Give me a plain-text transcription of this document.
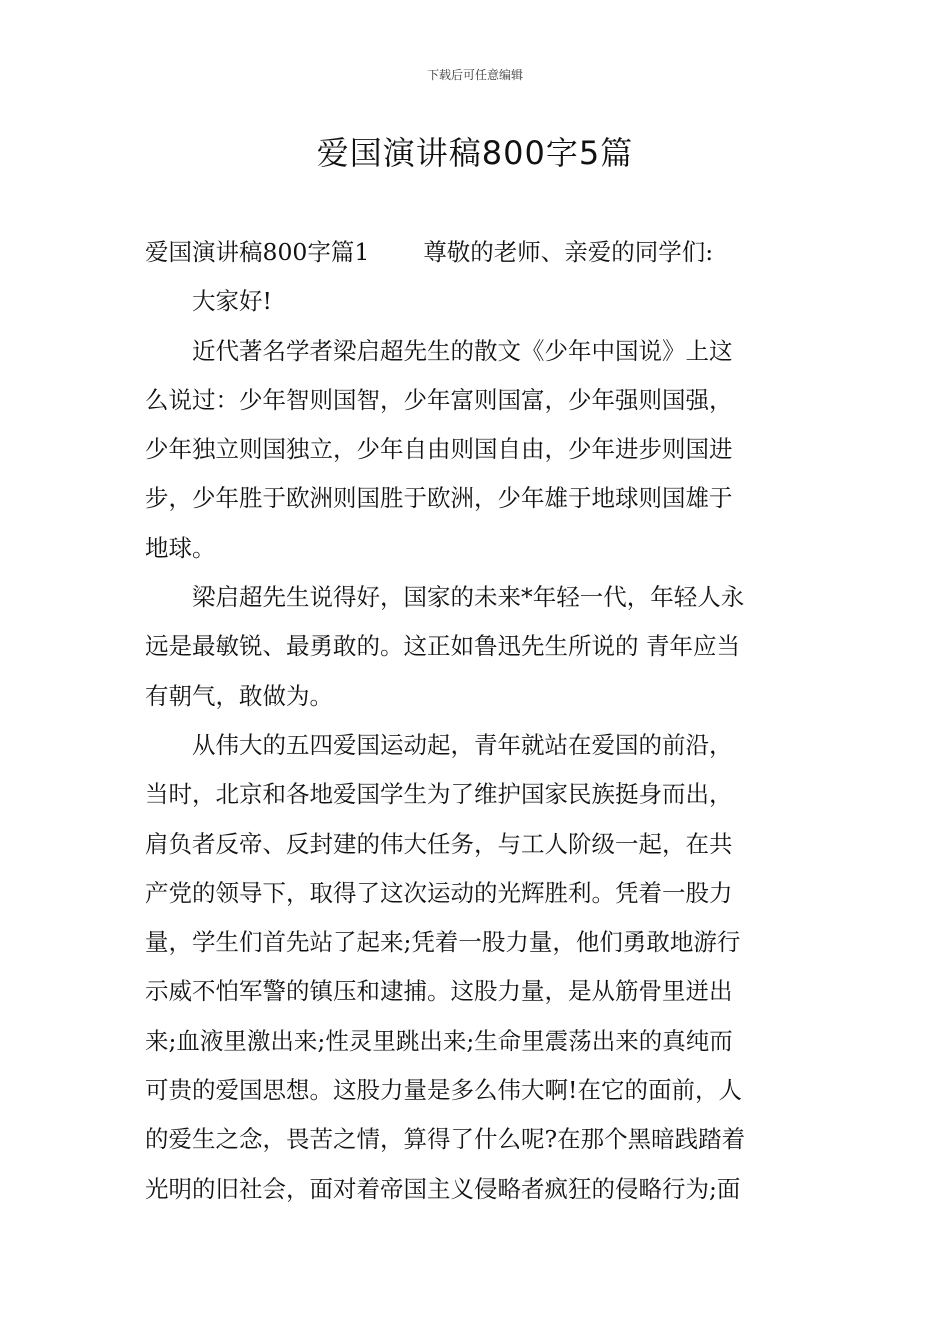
下载后可任意编辑
爱国演讲稿800字5篇
爱国演讲稿800字篇1 尊敬的老师、亲爱的同学们:
大家好!
近代著名学者梁启超先生的散文《少年中国说》上这
么说过：少年智则国智，少年富则国富，少年强则国强，
少年独立则国独立，少年自由则国自由，少年进步则国进
步，少年胜于欧洲则国胜于欧洲，少年雄于地球则国雄于
地球。
梁启超先生说得好，国家的未来*年轻一代，年轻人永
远是最敏锐、最勇敢的。这正如鲁迅先生所说的 青年应当
有朝气，敢做为。
从伟大的五四爱国运动起，青年就站在爱国的前沿，
当时，北京和各地爱国学生为了维护国家民族挺身而出，
肩负者反帝、反封建的伟大任务，与工人阶级一起，在共
产党的领导下，取得了这次运动的光辉胜利。凭着一股力
量，学生们首先站了起来;凭着一股力量，他们勇敢地游行
示威不怕军警的镇压和逮捕。这股力量，是从筋骨里迸出
来;血液里激出来;性灵里跳出来;生命里震荡出来的真纯而
可贵的爱国思想。这股力量是多么伟大啊!在它的面前，人
的爱生之念，畏苦之情，算得了什么呢?在那个黑暗践踏着
光明的旧社会，面对着帝国主义侵略者疯狂的侵略行为;面
